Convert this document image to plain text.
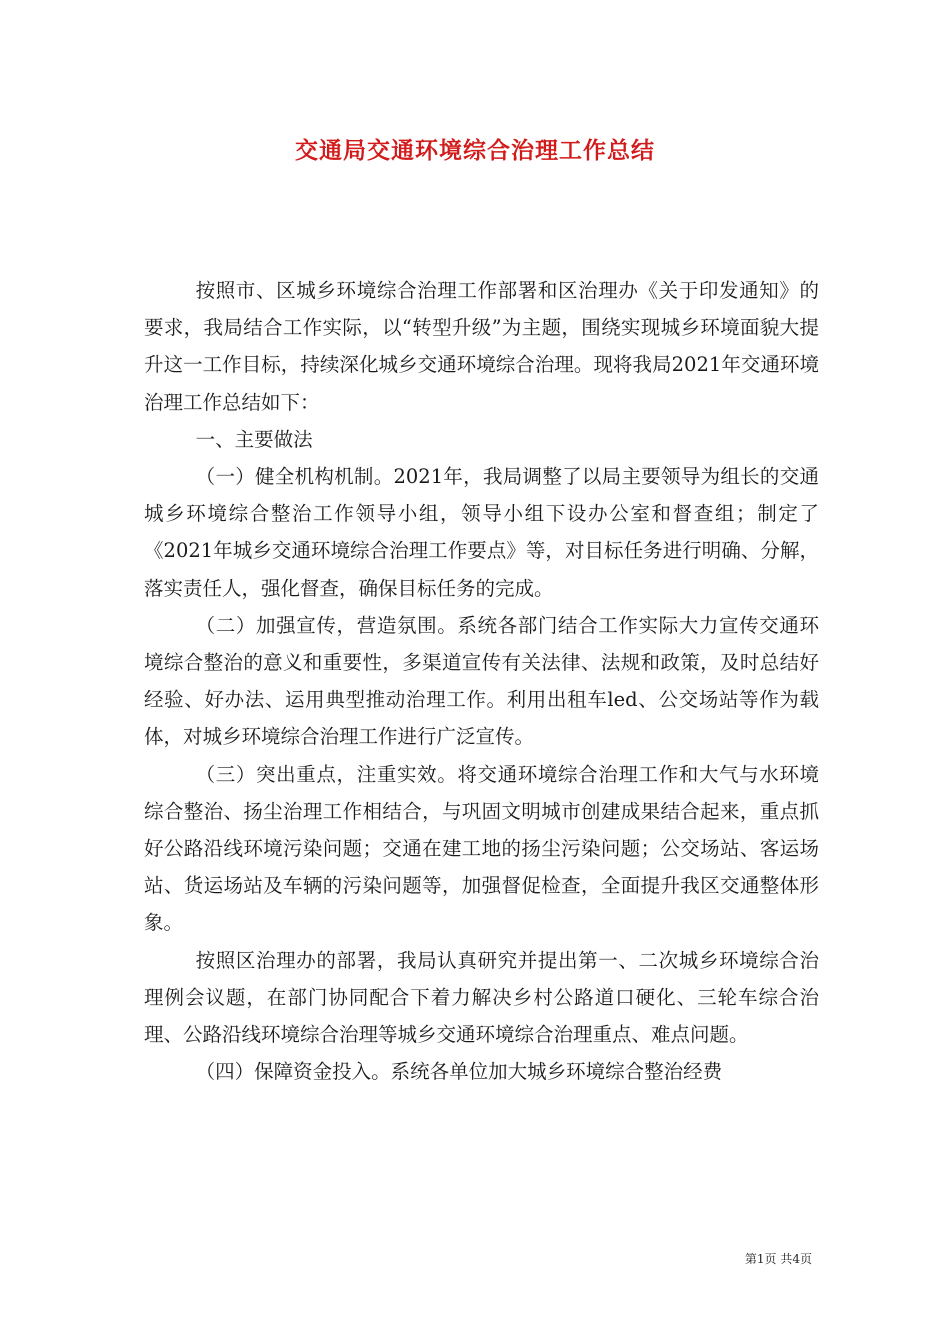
交通局交通环境综合治理工作总结

按照市、区城乡环境综合治理工作部署和区治理办《关于印发通知》的要求，我局结合工作实际，以“转型升级”为主题，围绕实现城乡环境面貌大提升这一工作目标，持续深化城乡交通环境综合治理。现将我局2021年交通环境治理工作总结如下：

一、主要做法

（一）健全机构机制。2021年，我局调整了以局主要领导为组长的交通城乡环境综合整治工作领导小组，领导小组下设办公室和督查组；制定了《2021年城乡交通环境综合治理工作要点》等，对目标任务进行明确、分解，落实责任人，强化督查，确保目标任务的完成。

（二）加强宣传，营造氛围。系统各部门结合工作实际大力宣传交通环境综合整治的意义和重要性，多渠道宣传有关法律、法规和政策，及时总结好经验、好办法、运用典型推动治理工作。利用出租车led、公交场站等作为载体，对城乡环境综合治理工作进行广泛宣传。

（三）突出重点，注重实效。将交通环境综合治理工作和大气与水环境综合整治、扬尘治理工作相结合，与巩固文明城市创建成果结合起来，重点抓好公路沿线环境污染问题；交通在建工地的扬尘污染问题；公交场站、客运场站、货运场站及车辆的污染问题等，加强督促检查，全面提升我区交通整体形象。

按照区治理办的部署，我局认真研究并提出第一、二次城乡环境综合治理例会议题，在部门协同配合下着力解决乡村公路道口硬化、三轮车综合治理、公路沿线环境综合治理等城乡交通环境综合治理重点、难点问题。

（四）保障资金投入。系统各单位加大城乡环境综合整治经费

第1页 共4页
